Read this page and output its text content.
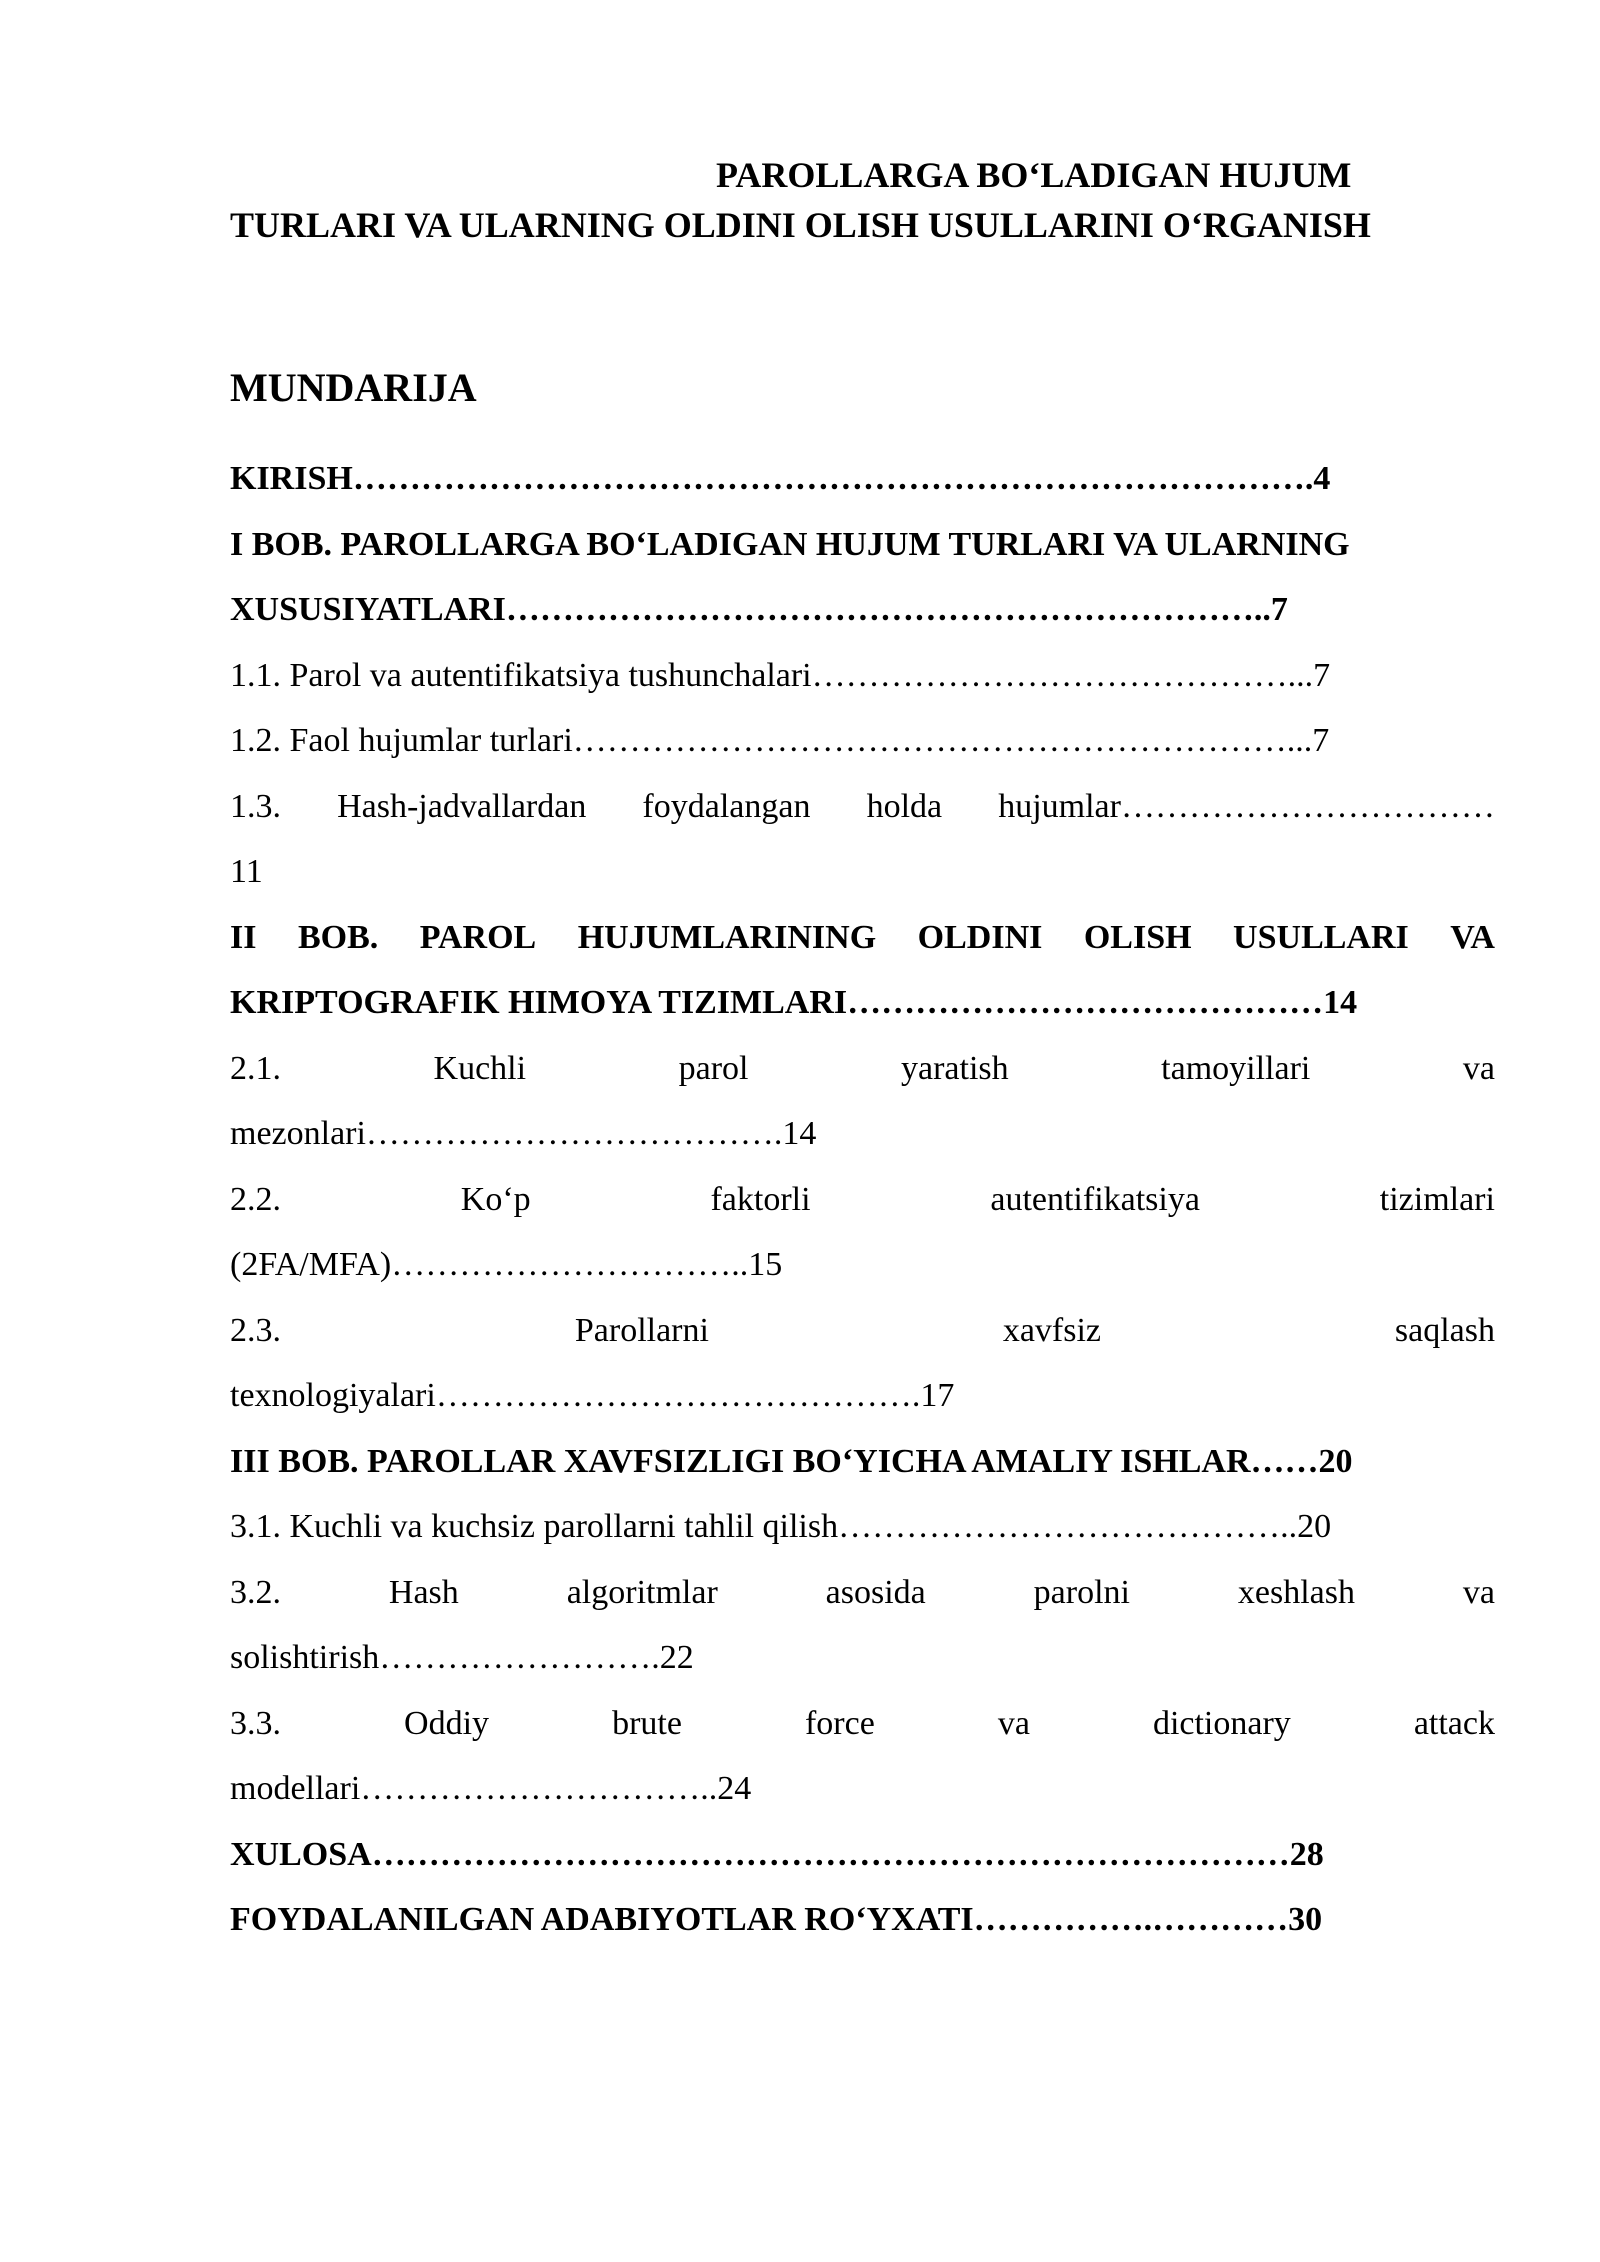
PAROLLARGA BO‘LADIGAN HUJUM
TURLARI VA ULARNING OLDINI OLISH USULLARINI O‘RGANISH
MUNDARIJA
KIRISH………………………………………………………………………….4
I BOB. PAROLLARGA BO‘LADIGAN HUJUM TURLARI VA ULARNING
XUSUSIYATLARI…………………………………………………………..7
1.1. Parol va autentifikatsiya tushunchalari……………………………………...7
1.2. Faol hujumlar turlari………………………………………………………...7
1.3. Hash-jadvallardan foydalangan holda hujumlar……………………………
11
II BOB. PAROL HUJUMLARINING OLDINI OLISH USULLARI VA
KRIPTOGRAFIK HIMOYA TIZIMLARI……………………………………14
2.1.	Kuchli	parol	yaratish	tamoyillari	va
mezonlari……………………………….14
2.2.	Ko‘p	faktorli	autentifikatsiya	tizimlari
(2FA/MFA)…………………………..15
2.3.	Parollarni	xavfsiz	saqlash
texnologiyalari…………………………………….17
III BOB. PAROLLAR XAVFSIZLIGI BO‘YICHA AMALIY ISHLAR……20
3.1. Kuchli va kuchsiz parollarni tahlil qilish…………………………………..20
3.2.	Hash	algoritmlar	asosida	parolni	xeshlash	va
solishtirish…………………….22
3.3.	Oddiy	brute	force	va	dictionary	attack
modellari…………………………..24
XULOSA………………………………………………………………………28
FOYDALANILGAN ADABIYOTLAR RO‘YXATI…………….…………30
